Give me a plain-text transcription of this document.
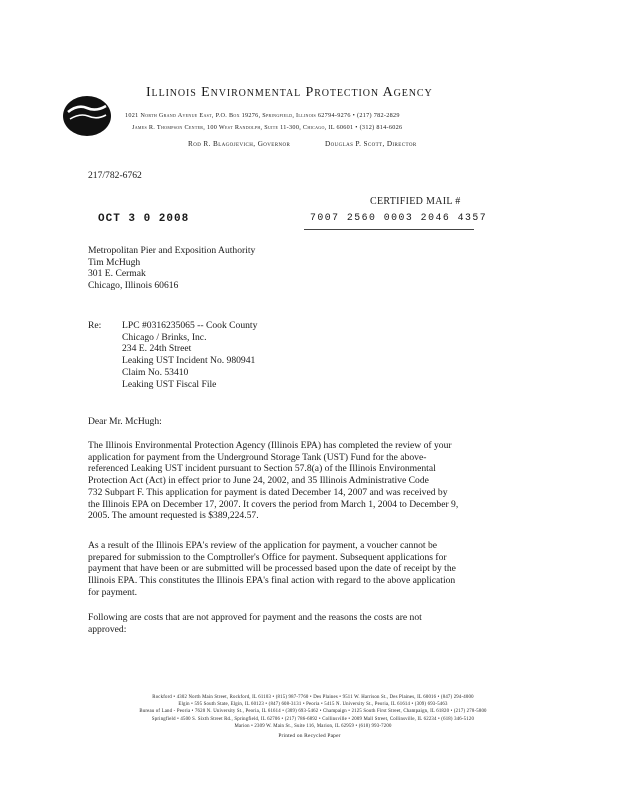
Illinois Environmental Protection Agency
1021 North Grand Avenue East, P.O. Box 19276, Springfield, Illinois 62794-9276 • (217) 782-2829
James R. Thompson Center, 100 West Randolph, Suite 11-300, Chicago, IL 60601 • (312) 814-6026
Rod R. Blagojevich, Governor	Douglas P. Scott, Director
217/782-6762
CERTIFIED MAIL #
7007 2560 0003 2046 4357
OCT 3 0 2008
Metropolitan Pier and Exposition Authority
Tim McHugh
301 E. Cermak
Chicago, Illinois 60616
Re: LPC #0316235065 -- Cook County
Chicago / Brinks, Inc.
234 E. 24th Street
Leaking UST Incident No. 980941
Claim No. 53410
Leaking UST Fiscal File
Dear Mr. McHugh:
The Illinois Environmental Protection Agency (Illinois EPA) has completed the review of your
application for payment from the Underground Storage Tank (UST) Fund for the above-
referenced Leaking UST incident pursuant to Section 57.8(a) of the Illinois Environmental
Protection Act (Act) in effect prior to June 24, 2002, and 35 Illinois Administrative Code
732 Subpart F. This application for payment is dated December 14, 2007 and was received by
the Illinois EPA on December 17, 2007. It covers the period from March 1, 2004 to December 9,
2005. The amount requested is $389,224.57.
As a result of the Illinois EPA's review of the application for payment, a voucher cannot be
prepared for submission to the Comptroller's Office for payment. Subsequent applications for
payment that have been or are submitted will be processed based upon the date of receipt by the
Illinois EPA. This constitutes the Illinois EPA's final action with regard to the above application
for payment.
Following are costs that are not approved for payment and the reasons the costs are not
approved:
Rockford • 4302 North Main Street, Rockford, IL 61103 • (815) 987-7760 • Des Plaines • 9511 W. Harrison St., Des Plaines, IL 60016 • (847) 294-4000
Elgin • 595 South State, Elgin, IL 60123 • (847) 608-3131 • Peoria • 5415 N. University St., Peoria, IL 61614 • (309) 693-5463
Bureau of Land - Peoria • 7620 N. University St., Peoria, IL 61614 • (309) 693-5462 • Champaign • 2125 South First Street, Champaign, IL 61820 • (217) 278-5800
Springfield • 4500 S. Sixth Street Rd., Springfield, IL 62706 • (217) 786-6892 • Collinsville • 2009 Mall Street, Collinsville, IL 62234 • (618) 346-5120
Marion • 2309 W. Main St., Suite 116, Marion, IL 62959 • (618) 993-7200
Printed on Recycled Paper
